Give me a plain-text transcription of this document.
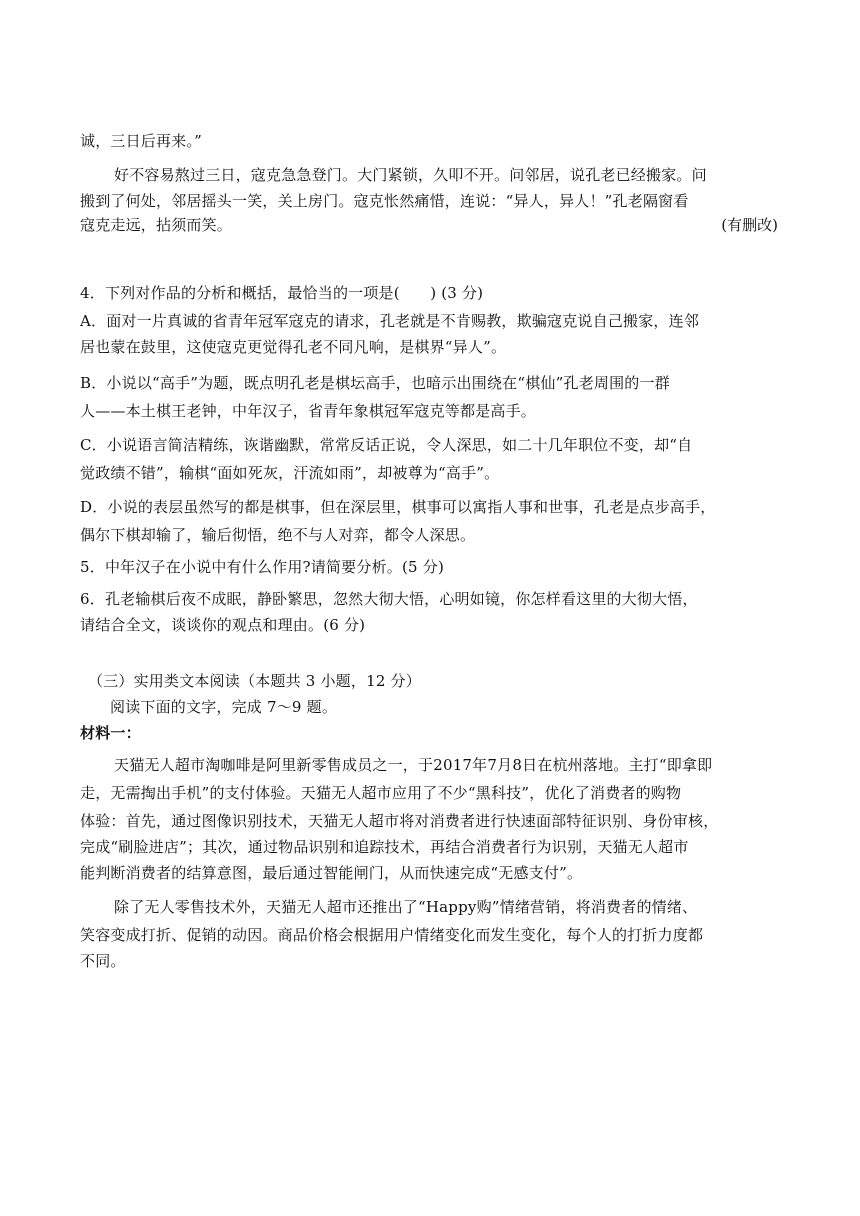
诚，三日后再来。”
好不容易熬过三日，寇克急急登门。大门紧锁，久叩不开。问邻居，说孔老已经搬家。问
搬到了何处，邻居摇头一笑，关上房门。寇克怅然痛惜，连说：“异人，异人！”孔老隔窗看
寇克走远，拈须而笑。	(有删改)
4．下列对作品的分析和概括，最恰当的一项是(　　) (3 分)
A．面对一片真诚的省青年冠军寇克的请求，孔老就是不肯赐教，欺骗寇克说自己搬家，连邻
居也蒙在鼓里，这使寇克更觉得孔老不同凡响，是棋界“异人”。
B．小说以“高手”为题，既点明孔老是棋坛高手，也暗示出围绕在“棋仙”孔老周围的一群
人——本土棋王老钟，中年汉子，省青年象棋冠军寇克等都是高手。
C．小说语言简洁精练，诙谐幽默，常常反话正说，令人深思，如二十几年职位不变，却“自
觉政绩不错”，输棋“面如死灰，汗流如雨”，却被尊为“高手”。
D．小说的表层虽然写的都是棋事，但在深层里，棋事可以寓指人事和世事，孔老是点步高手，
偶尔下棋却输了，输后彻悟，绝不与人对弈，都令人深思。
5．中年汉子在小说中有什么作用?请简要分析。(5 分)
6．孔老输棋后夜不成眠，静卧繁思，忽然大彻大悟，心明如镜，你怎样看这里的大彻大悟，
请结合全文，谈谈你的观点和理由。(6 分)
（三）实用类文本阅读（本题共 3 小题，12 分）
阅读下面的文字，完成 7～9 题。
材料一：
天猫无人超市淘咖啡是阿里新零售成员之一，于2017年7月8日在杭州落地。主打“即拿即
走，无需掏出手机”的支付体验。天猫无人超市应用了不少“黑科技”，优化了消费者的购物
体验：首先，通过图像识别技术，天猫无人超市将对消费者进行快速面部特征识别、身份审核，
完成“刷脸进店”；其次，通过物品识别和追踪技术，再结合消费者行为识别，天猫无人超市
能判断消费者的结算意图，最后通过智能闸门，从而快速完成“无感支付”。
除了无人零售技术外，天猫无人超市还推出了“Happy购”情绪营销，将消费者的情绪、
笑容变成打折、促销的动因。商品价格会根据用户情绪变化而发生变化，每个人的打折力度都
不同。
